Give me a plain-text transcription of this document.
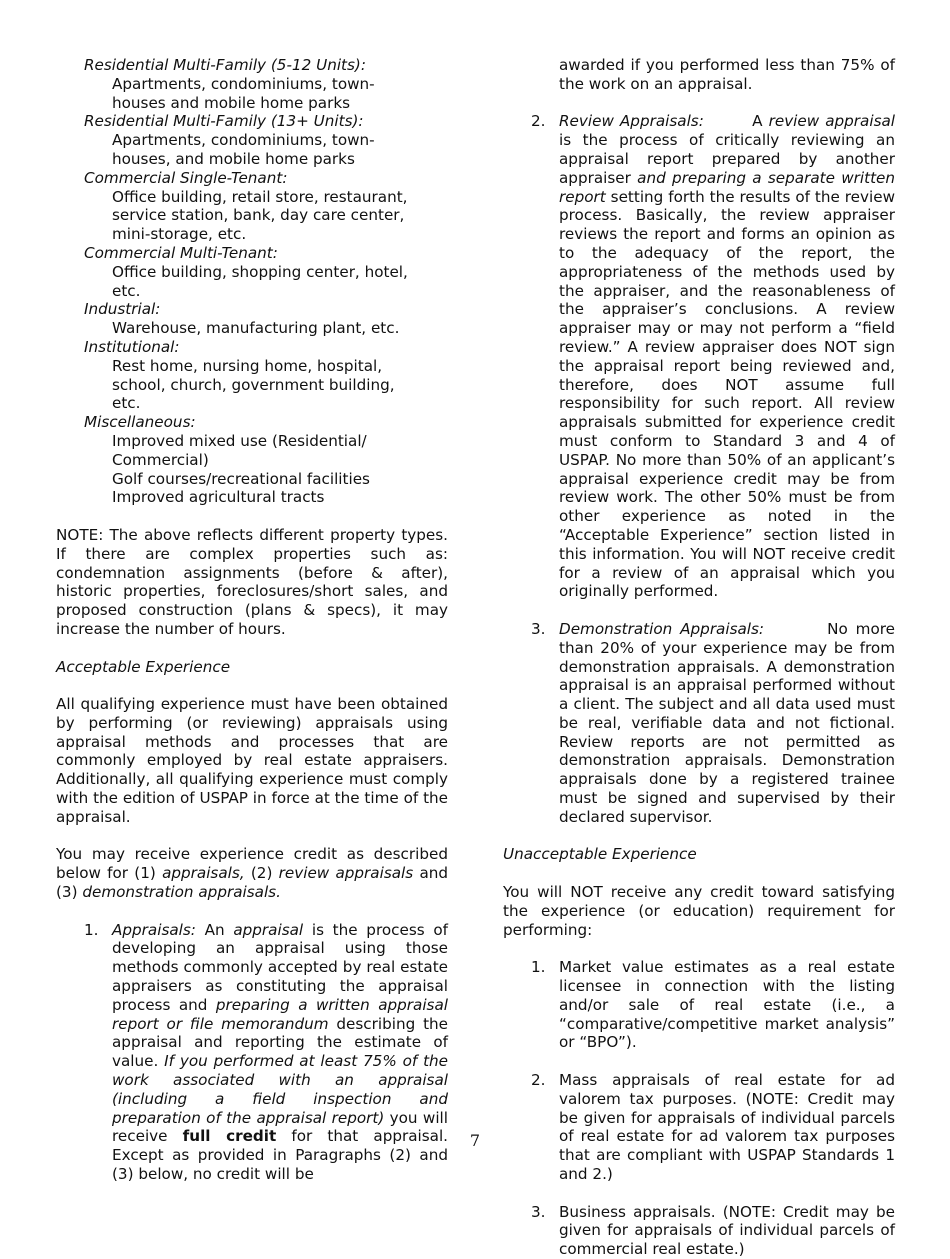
Residential Multi-Family (5-12 Units):

Apartments, condominiums, town-

houses and mobile home parks

Residential Multi-Family (13+ Units):

Apartments, condominiums, town-

houses, and mobile home parks

Commercial Single-Tenant:

Office building, retail store, restaurant,

service station, bank, day care center,

mini-storage, etc.

Commercial Multi-Tenant:

Office building, shopping center, hotel,

etc.

Industrial:

Warehouse, manufacturing plant, etc.

Institutional:

Rest home, nursing home, hospital,

school, church, government building,

etc.

Miscellaneous:

Improved mixed use (Residential/

Commercial)

Golf courses/recreational facilities

Improved agricultural tracts

NOTE: The above reflects different property types. If there are complex properties such as: condemnation assignments (before & after), historic properties, foreclosures/short sales, and proposed construction (plans & specs), it may increase the number of hours.

Acceptable Experience

All qualifying experience must have been obtained by performing (or reviewing) appraisals using appraisal methods and processes that are commonly employed by real estate appraisers. Additionally, all qualifying experience must comply with the edition of USPAP in force at the time of the appraisal.

You may receive experience credit as described below for (1) appraisals, (2) review appraisals and (3) demonstration appraisals.

1. Appraisals: An appraisal is the process of developing an appraisal using those methods commonly accepted by real estate appraisers as constituting the appraisal process and preparing a written appraisal report or file memorandum describing the appraisal and reporting the estimate of value. If you performed at least 75% of the work associated with an appraisal (including a field inspection and preparation of the appraisal report) you will receive full credit for that appraisal. Except as provided in Paragraphs (2) and (3) below, no credit will be

awarded if you performed less than 75% of the work on an appraisal.

2. Review Appraisals:        A review appraisal is the process of critically reviewing an appraisal report prepared by another appraiser and preparing a separate written report setting forth the results of the review process. Basically, the review appraiser reviews the report and forms an opinion as to the adequacy of the report, the appropriateness of the methods used by the appraiser, and the reasonableness of the appraiser’s conclusions. A review appraiser may or may not perform a “field review.” A review appraiser does NOT sign the appraisal report being reviewed and, therefore, does NOT assume full responsibility for such report. All review appraisals submitted for experience credit must conform to Standard 3 and 4 of USPAP. No more than 50% of an applicant’s appraisal experience credit may be from review work. The other 50% must be from other experience as noted in the “Acceptable Experience” section listed in this information. You will NOT receive credit for a review of an appraisal which you originally performed.

3. Demonstration Appraisals:        No more than 20% of your experience may be from demonstration appraisals. A demonstration appraisal is an appraisal performed without a client. The subject and all data used must be real, verifiable data and not fictional. Review reports are not permitted as demonstration appraisals. Demonstration appraisals done by a registered trainee must be signed and supervised by their declared supervisor.

Unacceptable Experience

You will NOT receive any credit toward satisfying the experience (or education) requirement for performing:

1. Market value estimates as a real estate licensee in connection with the listing and/or sale of real estate (i.e., a “comparative/competitive market analysis” or “BPO”).

2. Mass appraisals of real estate for ad valorem tax purposes. (NOTE: Credit may be given for appraisals of individual parcels of real estate for ad valorem tax purposes that are compliant with USPAP Standards 1 and 2.)

3. Business appraisals. (NOTE: Credit may be given for appraisals of individual parcels of commercial real estate.)

7
